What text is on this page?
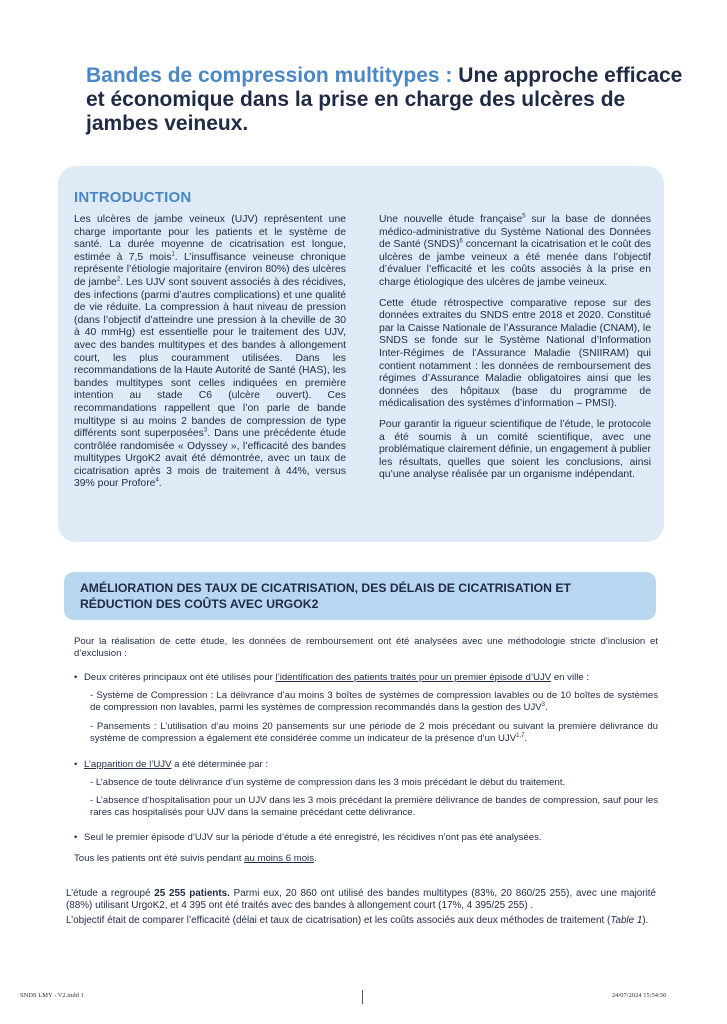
Bandes de compression multitypes : Une approche efficace et économique dans la prise en charge des ulcères de jambes veineux.
INTRODUCTION

Les ulcères de jambe veineux (UJV) représentent une charge importante pour les patients et le système de santé. La durée moyenne de cicatrisation est longue, estimée à 7,5 mois$^1$. L’insuffisance veineuse chronique représente l’étiologie majoritaire (environ 80%) des ulcères de jambe$^2$. Les UJV sont souvent associés à des récidives, des infections (parmi d’autres complications) et une qualité de vie réduite. La compression à haut niveau de pression (dans l’objectif d’atteindre une pression à la cheville de 30 à 40 mmHg) est essentielle pour le traitement des UJV, avec des bandes multitypes et des bandes à allongement court, les plus couramment utilisées. Dans les recommandations de la Haute Autorité de Santé (HAS), les bandes multitypes sont celles indiquées en première intention au stade C6 (ulcère ouvert). Ces recommandations rappellent que l’on parle de bande multitype si au moins 2 bandes de compression de type différents sont superposées$^3$. Dans une précédente étude contrôlée randomisée « Odyssey », l’efficacité des bandes multitypes UrgoK2 avait été démontrée, avec un taux de cicatrisation après 3 mois de traitement à 44%, versus 39% pour Profore$^4$.

Une nouvelle étude française$^5$ sur la base de données médico-administrative du Système National des Données de Santé (SNDS)$^6$ concernant la cicatrisation et le coût des ulcères de jambe veineux a été menée dans l’objectif d’évaluer l’efficacité et les coûts associés à la prise en charge étiologique des ulcères de jambe veineux.

Cette étude rétrospective comparative repose sur des données extraites du SNDS entre 2018 et 2020. Constitué par la Caisse Nationale de l’Assurance Maladie (CNAM), le SNDS se fonde sur le Système National d’Information Inter-Régimes de l’Assurance Maladie (SNIIRAM) qui contient notamment : les données de remboursement des régimes d’Assurance Maladie obligatoires ainsi que les données des hôpitaux (base du programme de médicalisation des systèmes d’information – PMSI).

Pour garantir la rigueur scientifique de l’étude, le protocole a été soumis à un comité scientifique, avec une problématique clairement définie, un engagement à publier les résultats, quelles que soient les conclusions, ainsi qu’une analyse réalisée par un organisme indépendant.

AMÉLIORATION DES TAUX DE CICATRISATION, DES DÉLAIS DE CICATRISATION ET RÉDUCTION DES COÛTS AVEC URGOK2

Pour la réalisation de cette étude, les données de remboursement ont été analysées avec une méthodologie stricte d’inclusion et d’exclusion :

• Deux critères principaux ont été utilisés pour l’identification des patients traités pour un premier épisode d’UJV en ville :

- Système de Compression : La délivrance d’au moins 3 boîtes de systèmes de compression lavables ou de 10 boîtes de systèmes de compression non lavables, parmi les systèmes de compression recommandés dans la gestion des UJV$^3$.

- Pansements : L’utilisation d’au moins 20 pansements sur une période de 2 mois précédant ou suivant la première délivrance du système de compression a également été considérée comme un indicateur de la présence d’un UJV$^{1,7}$.

• L’apparition de l’UJV a été déterminée par :

- L’absence de toute délivrance d’un système de compression dans les 3 mois précédant le début du traitement.

- L’absence d’hospitalisation pour un UJV dans les 3 mois précédant la première délivrance de bandes de compression, sauf pour les rares cas hospitalisés pour UJV dans la semaine précédant cette délivrance.

• Seul le premier épisode d’UJV sur la période d’étude a été enregistré, les récidives n’ont pas été analysées.

Tous les patients ont été suivis pendant au moins 6 mois.

L’étude a regroupé 25 255 patients. Parmi eux, 20 860 ont utilisé des bandes multitypes (83%, 20 860/25 255), avec une majorité (88%) utilisant UrgoK2, et 4 395 ont été traités avec des bandes à allongement court (17%, 4 395/25 255) .

L’objectif était de comparer l’efficacité (délai et taux de cicatrisation) et les coûts associés aux deux méthodes de traitement (Table 1).

SNDS LMY - V2.indd 1	24/07/2024 15:54:50
